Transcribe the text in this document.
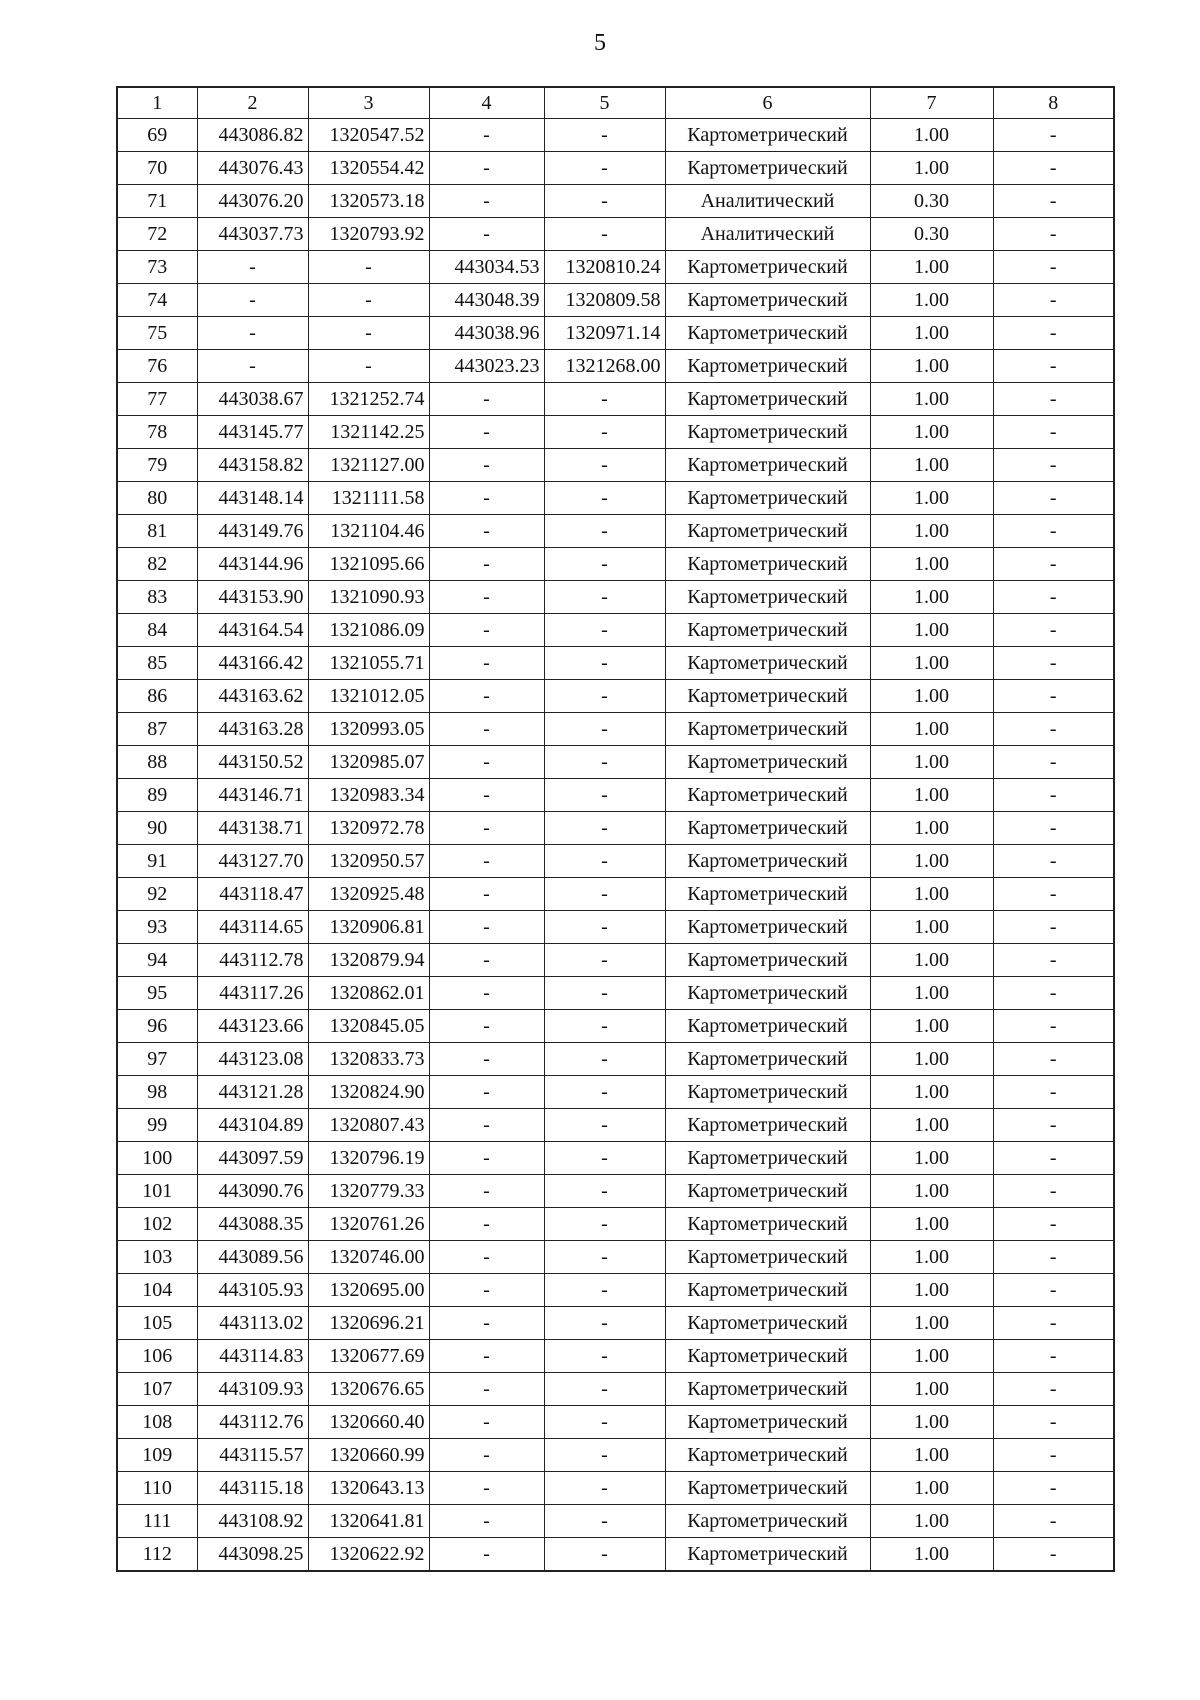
5
1	2	3	4	5	6	7	8
69	443086.82	1320547.52	-	-	Картометрический	1.00	-
70	443076.43	1320554.42	-	-	Картометрический	1.00	-
71	443076.20	1320573.18	-	-	Аналитический	0.30	-
72	443037.73	1320793.92	-	-	Аналитический	0.30	-
73	-	-	443034.53	1320810.24	Картометрический	1.00	-
74	-	-	443048.39	1320809.58	Картометрический	1.00	-
75	-	-	443038.96	1320971.14	Картометрический	1.00	-
76	-	-	443023.23	1321268.00	Картометрический	1.00	-
77	443038.67	1321252.74	-	-	Картометрический	1.00	-
78	443145.77	1321142.25	-	-	Картометрический	1.00	-
79	443158.82	1321127.00	-	-	Картометрический	1.00	-
80	443148.14	1321111.58	-	-	Картометрический	1.00	-
81	443149.76	1321104.46	-	-	Картометрический	1.00	-
82	443144.96	1321095.66	-	-	Картометрический	1.00	-
83	443153.90	1321090.93	-	-	Картометрический	1.00	-
84	443164.54	1321086.09	-	-	Картометрический	1.00	-
85	443166.42	1321055.71	-	-	Картометрический	1.00	-
86	443163.62	1321012.05	-	-	Картометрический	1.00	-
87	443163.28	1320993.05	-	-	Картометрический	1.00	-
88	443150.52	1320985.07	-	-	Картометрический	1.00	-
89	443146.71	1320983.34	-	-	Картометрический	1.00	-
90	443138.71	1320972.78	-	-	Картометрический	1.00	-
91	443127.70	1320950.57	-	-	Картометрический	1.00	-
92	443118.47	1320925.48	-	-	Картометрический	1.00	-
93	443114.65	1320906.81	-	-	Картометрический	1.00	-
94	443112.78	1320879.94	-	-	Картометрический	1.00	-
95	443117.26	1320862.01	-	-	Картометрический	1.00	-
96	443123.66	1320845.05	-	-	Картометрический	1.00	-
97	443123.08	1320833.73	-	-	Картометрический	1.00	-
98	443121.28	1320824.90	-	-	Картометрический	1.00	-
99	443104.89	1320807.43	-	-	Картометрический	1.00	-
100	443097.59	1320796.19	-	-	Картометрический	1.00	-
101	443090.76	1320779.33	-	-	Картометрический	1.00	-
102	443088.35	1320761.26	-	-	Картометрический	1.00	-
103	443089.56	1320746.00	-	-	Картометрический	1.00	-
104	443105.93	1320695.00	-	-	Картометрический	1.00	-
105	443113.02	1320696.21	-	-	Картометрический	1.00	-
106	443114.83	1320677.69	-	-	Картометрический	1.00	-
107	443109.93	1320676.65	-	-	Картометрический	1.00	-
108	443112.76	1320660.40	-	-	Картометрический	1.00	-
109	443115.57	1320660.99	-	-	Картометрический	1.00	-
110	443115.18	1320643.13	-	-	Картометрический	1.00	-
111	443108.92	1320641.81	-	-	Картометрический	1.00	-
112	443098.25	1320622.92	-	-	Картометрический	1.00	-
